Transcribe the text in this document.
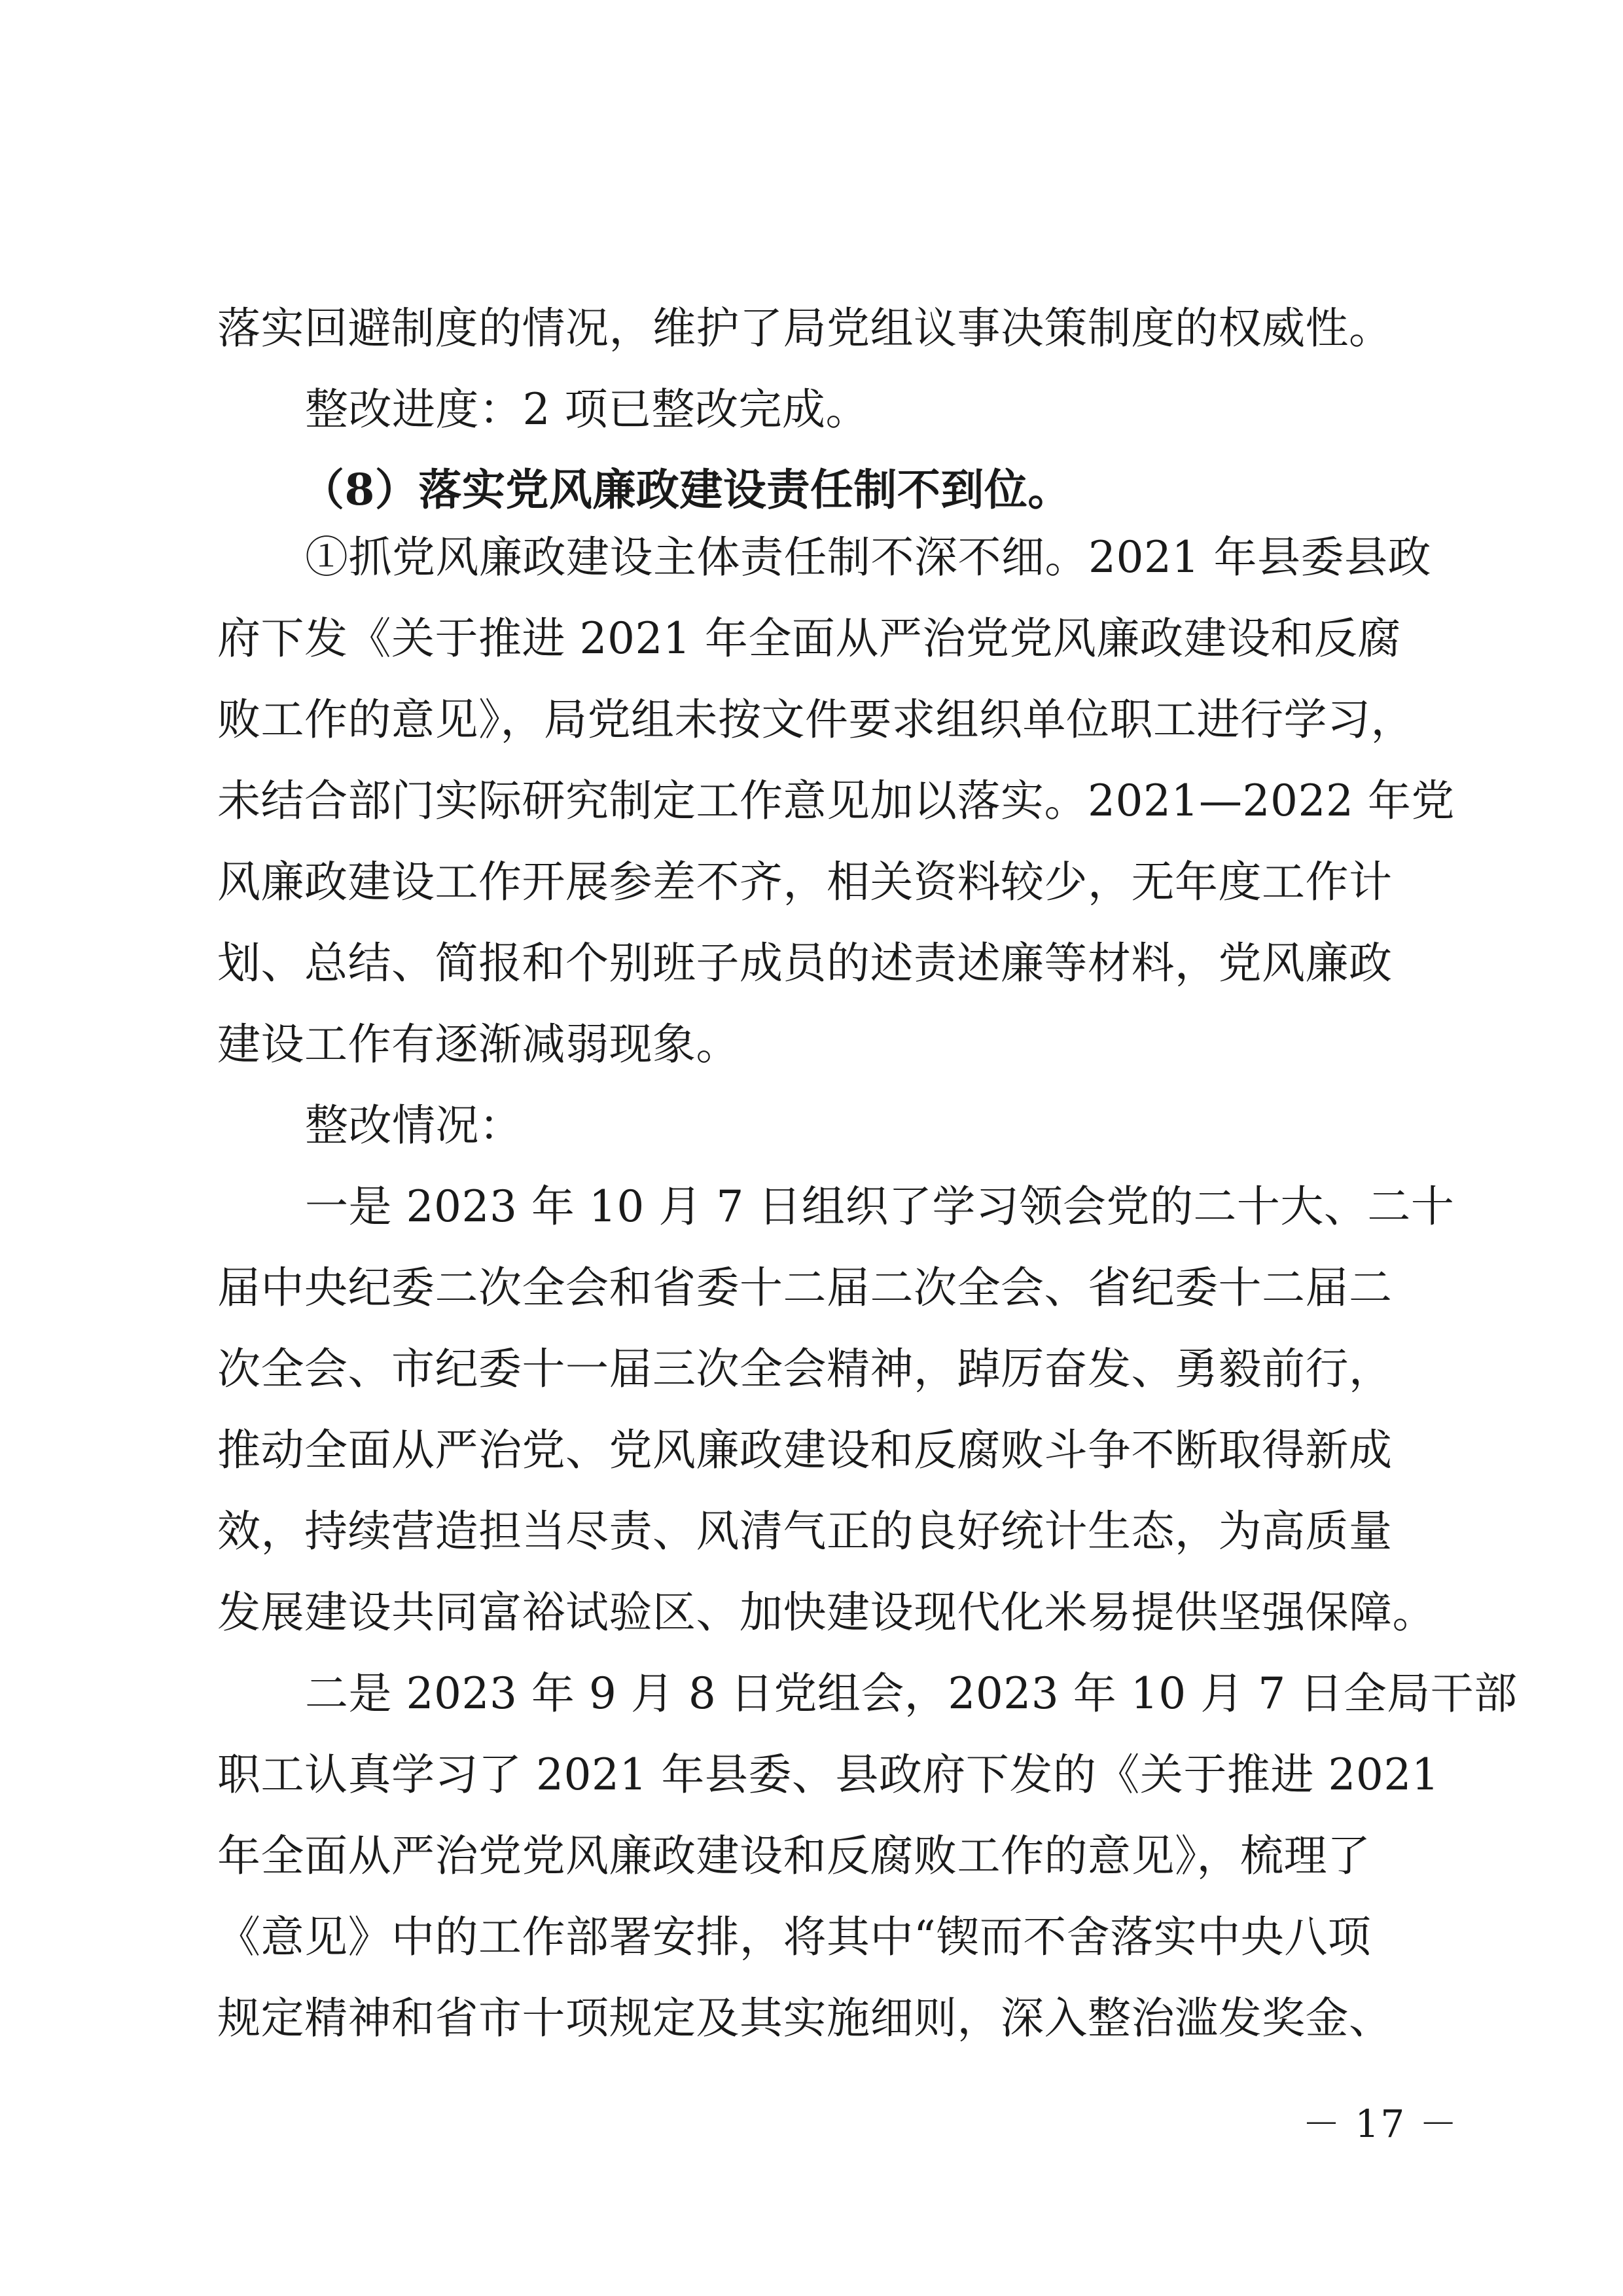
落实回避制度的情况，维护了局党组议事决策制度的权威性。
整改进度：2 项已整改完成。
（8）落实党风廉政建设责任制不到位。
①抓党风廉政建设主体责任制不深不细。2021 年县委县政
府下发《关于推进 2021 年全面从严治党党风廉政建设和反腐
败工作的意见》，局党组未按文件要求组织单位职工进行学习，
未结合部门实际研究制定工作意见加以落实。2021—2022 年党
风廉政建设工作开展参差不齐，相关资料较少，无年度工作计
划、总结、简报和个别班子成员的述责述廉等材料，党风廉政
建设工作有逐渐减弱现象。
整改情况：
一是 2023 年 10 月 7 日组织了学习领会党的二十大、二十
届中央纪委二次全会和省委十二届二次全会、省纪委十二届二
次全会、市纪委十一届三次全会精神，踔厉奋发、勇毅前行，
推动全面从严治党、党风廉政建设和反腐败斗争不断取得新成
效，持续营造担当尽责、风清气正的良好统计生态，为高质量
发展建设共同富裕试验区、加快建设现代化米易提供坚强保障。
二是 2023 年 9 月 8 日党组会，2023 年 10 月 7 日全局干部
职工认真学习了 2021 年县委、县政府下发的《关于推进 2021
年全面从严治党党风廉政建设和反腐败工作的意见》，梳理了
《意见》中的工作部署安排，将其中“锲而不舍落实中央八项
规定精神和省市十项规定及其实施细则，深入整治滥发奖金、
－ 17 －
